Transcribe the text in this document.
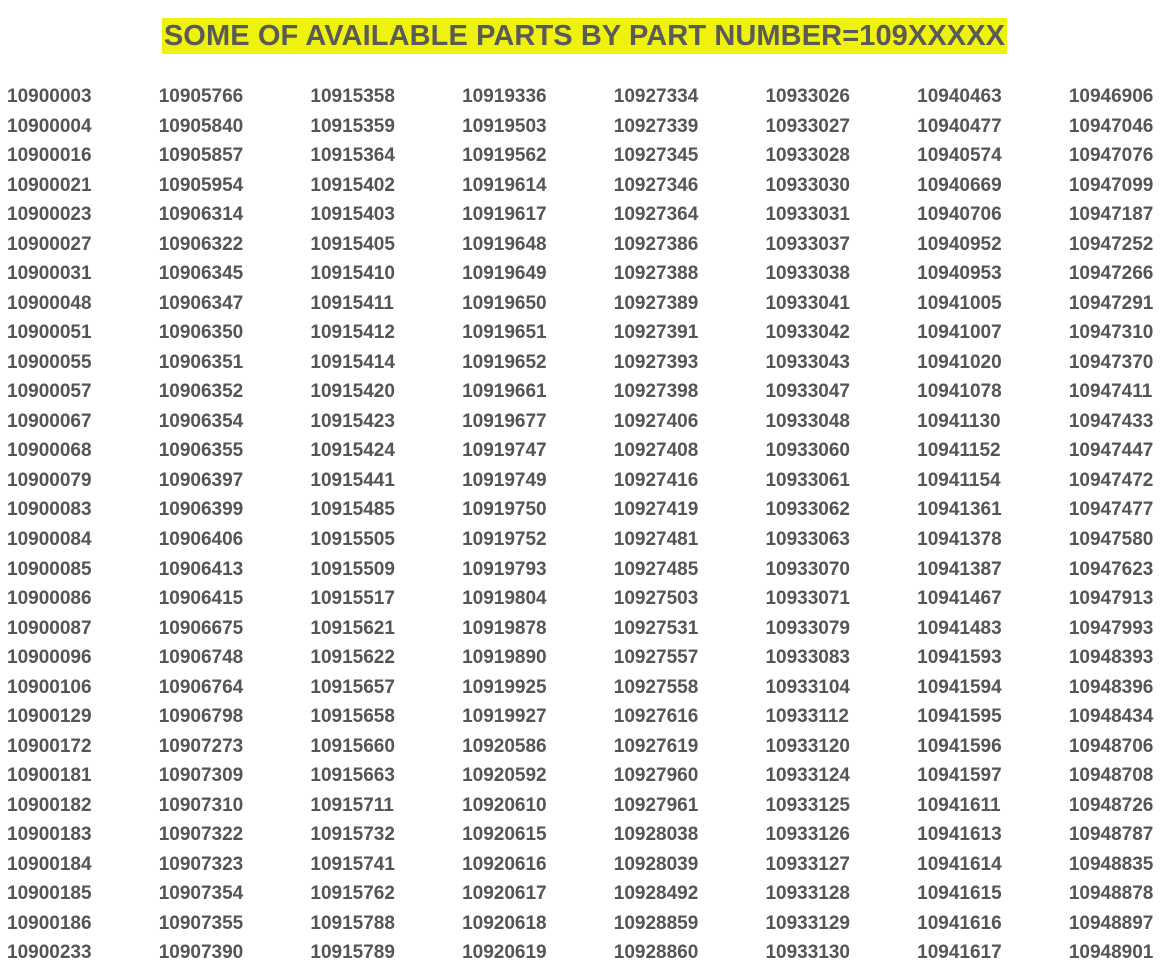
SOME OF AVAILABLE PARTS BY PART NUMBER=109XXXXX
10900003
10900004
10900016
10900021
10900023
10900027
10900031
10900048
10900051
10900055
10900057
10900067
10900068
10900079
10900083
10900084
10900085
10900086
10900087
10900096
10900106
10900129
10900172
10900181
10900182
10900183
10900184
10900185
10900186
10900233
10905766
10905840
10905857
10905954
10906314
10906322
10906345
10906347
10906350
10906351
10906352
10906354
10906355
10906397
10906399
10906406
10906413
10906415
10906675
10906748
10906764
10906798
10907273
10907309
10907310
10907322
10907323
10907354
10907355
10907390
10915358
10915359
10915364
10915402
10915403
10915405
10915410
10915411
10915412
10915414
10915420
10915423
10915424
10915441
10915485
10915505
10915509
10915517
10915621
10915622
10915657
10915658
10915660
10915663
10915711
10915732
10915741
10915762
10915788
10915789
10919336
10919503
10919562
10919614
10919617
10919648
10919649
10919650
10919651
10919652
10919661
10919677
10919747
10919749
10919750
10919752
10919793
10919804
10919878
10919890
10919925
10919927
10920586
10920592
10920610
10920615
10920616
10920617
10920618
10920619
10927334
10927339
10927345
10927346
10927364
10927386
10927388
10927389
10927391
10927393
10927398
10927406
10927408
10927416
10927419
10927481
10927485
10927503
10927531
10927557
10927558
10927616
10927619
10927960
10927961
10928038
10928039
10928492
10928859
10928860
10933026
10933027
10933028
10933030
10933031
10933037
10933038
10933041
10933042
10933043
10933047
10933048
10933060
10933061
10933062
10933063
10933070
10933071
10933079
10933083
10933104
10933112
10933120
10933124
10933125
10933126
10933127
10933128
10933129
10933130
10940463
10940477
10940574
10940669
10940706
10940952
10940953
10941005
10941007
10941020
10941078
10941130
10941152
10941154
10941361
10941378
10941387
10941467
10941483
10941593
10941594
10941595
10941596
10941597
10941611
10941613
10941614
10941615
10941616
10941617
10946906
10947046
10947076
10947099
10947187
10947252
10947266
10947291
10947310
10947370
10947411
10947433
10947447
10947472
10947477
10947580
10947623
10947913
10947993
10948393
10948396
10948434
10948706
10948708
10948726
10948787
10948835
10948878
10948897
10948901
